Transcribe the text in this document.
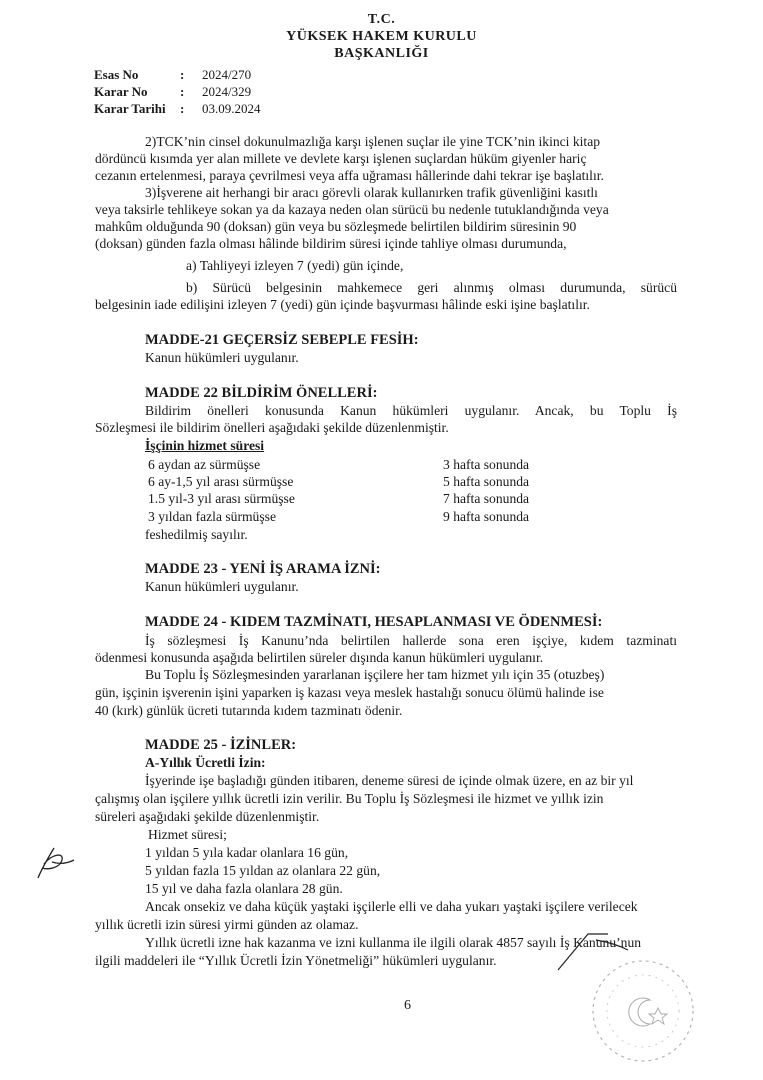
T.C.
YÜKSEK HAKEM KURULU
BAŞKANLIĞI
Esas No	:	2024/270
Karar No	:	2024/329
Karar Tarihi	:	03.09.2024
2)TCK’nin cinsel dokunulmazlığa karşı işlenen suçlar ile yine TCK’nin ikinci kitap
dördüncü kısımda yer alan millete ve devlete karşı işlenen suçlardan hüküm giyenler hariç
cezanın ertelenmesi, paraya çevrilmesi veya affa uğraması hâllerinde dahi tekrar işe başlatılır.
3)İşverene ait herhangi bir aracı görevli olarak kullanırken trafik güvenliğini kasıtlı
veya taksirle tehlikeye sokan ya da kazaya neden olan sürücü bu nedenle tutuklandığında veya
mahkûm olduğunda 90 (doksan) gün veya bu sözleşmede belirtilen bildirim süresinin 90
(doksan) günden fazla olması hâlinde bildirim süresi içinde tahliye olması durumunda,
a) Tahliyeyi izleyen 7 (yedi) gün içinde,
b) Sürücü belgesinin mahkemece geri alınmış olması durumunda, sürücü
belgesinin iade edilişini izleyen 7 (yedi) gün içinde başvurması hâlinde eski işine başlatılır.
MADDE-21 GEÇERSİZ SEBEPLE FESİH:
Kanun hükümleri uygulanır.
MADDE 22 BİLDİRİM ÖNELLERİ:
Bildirim önelleri konusunda Kanun hükümleri uygulanır. Ancak, bu Toplu İş
Sözleşmesi ile bildirim önelleri aşağıdaki şekilde düzenlenmiştir.
İşçinin hizmet süresi
6 aydan az sürmüşse	3 hafta sonunda
6 ay-1,5 yıl arası sürmüşse	5 hafta sonunda
1.5 yıl-3 yıl arası sürmüşse	7 hafta sonunda
3 yıldan fazla sürmüşse	9 hafta sonunda
feshedilmiş sayılır.
MADDE 23 - YENİ İŞ ARAMA İZNİ:
Kanun hükümleri uygulanır.
MADDE 24 - KIDEM TAZMİNATI, HESAPLANMASI VE ÖDENMESİ:
İş sözleşmesi İş Kanunu’nda belirtilen hallerde sona eren işçiye, kıdem tazminatı
ödenmesi konusunda aşağıda belirtilen süreler dışında kanun hükümleri uygulanır.
Bu Toplu İş Sözleşmesinden yararlanan işçilere her tam hizmet yılı için 35 (otuzbeş)
gün, işçinin işverenin işini yaparken iş kazası veya meslek hastalığı sonucu ölümü halinde ise
40 (kırk) günlük ücreti tutarında kıdem tazminatı ödenir.
MADDE 25 - İZİNLER:
A-Yıllık Ücretli İzin:
İşyerinde işe başladığı günden itibaren, deneme süresi de içinde olmak üzere, en az bir yıl
çalışmış olan işçilere yıllık ücretli izin verilir. Bu Toplu İş Sözleşmesi ile hizmet ve yıllık izin
süreleri aşağıdaki şekilde düzenlenmiştir.
Hizmet süresi;
1 yıldan 5 yıla kadar olanlara 16 gün,
5 yıldan fazla 15 yıldan az olanlara 22 gün,
15 yıl ve daha fazla olanlara 28 gün.
Ancak onsekiz ve daha küçük yaştaki işçilerle elli ve daha yukarı yaştaki işçilere verilecek
yıllık ücretli izin süresi yirmi günden az olamaz.
Yıllık ücretli izne hak kazanma ve izni kullanma ile ilgili olarak 4857 sayılı İş Kanunu’nun
ilgili maddeleri ile “Yıllık Ücretli İzin Yönetmeliği” hükümleri uygulanır.
6
